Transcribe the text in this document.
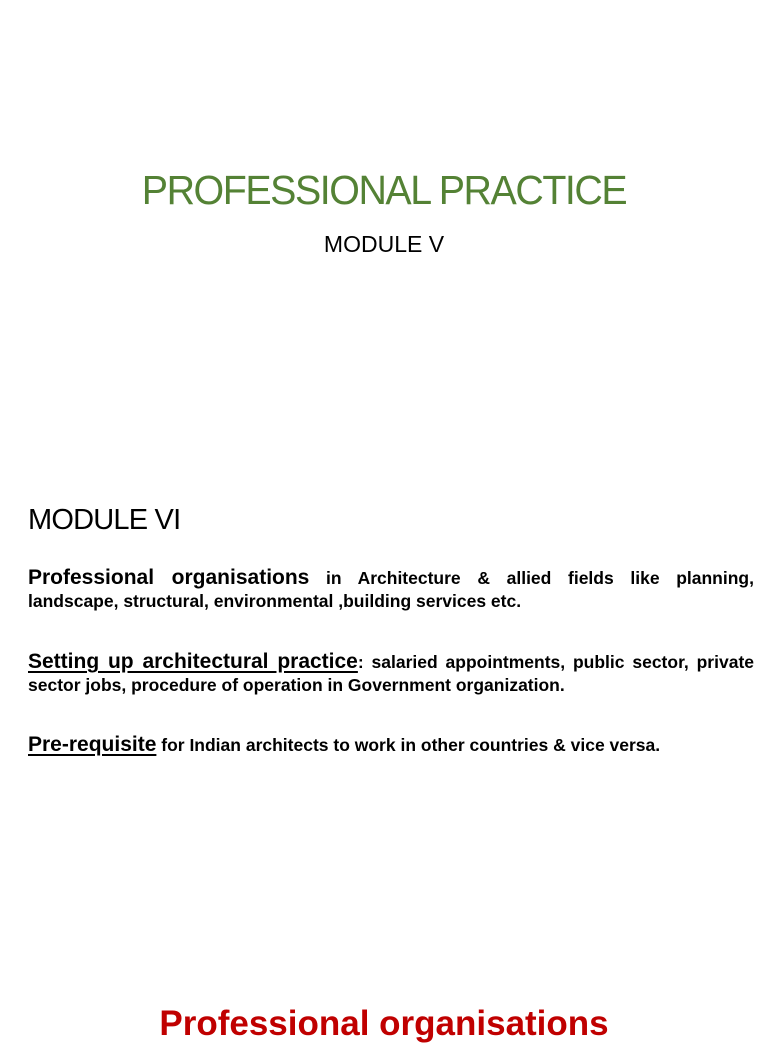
PROFESSIONAL PRACTICE
MODULE V
MODULE VI
Professional organisations in Architecture & allied fields like planning, landscape, structural, environmental ,building services etc.
Setting up architectural practice: salaried appointments, public sector, private sector jobs, procedure of operation in Government organization.
Pre-requisite for Indian architects to work in other countries & vice versa.
Professional organisations
